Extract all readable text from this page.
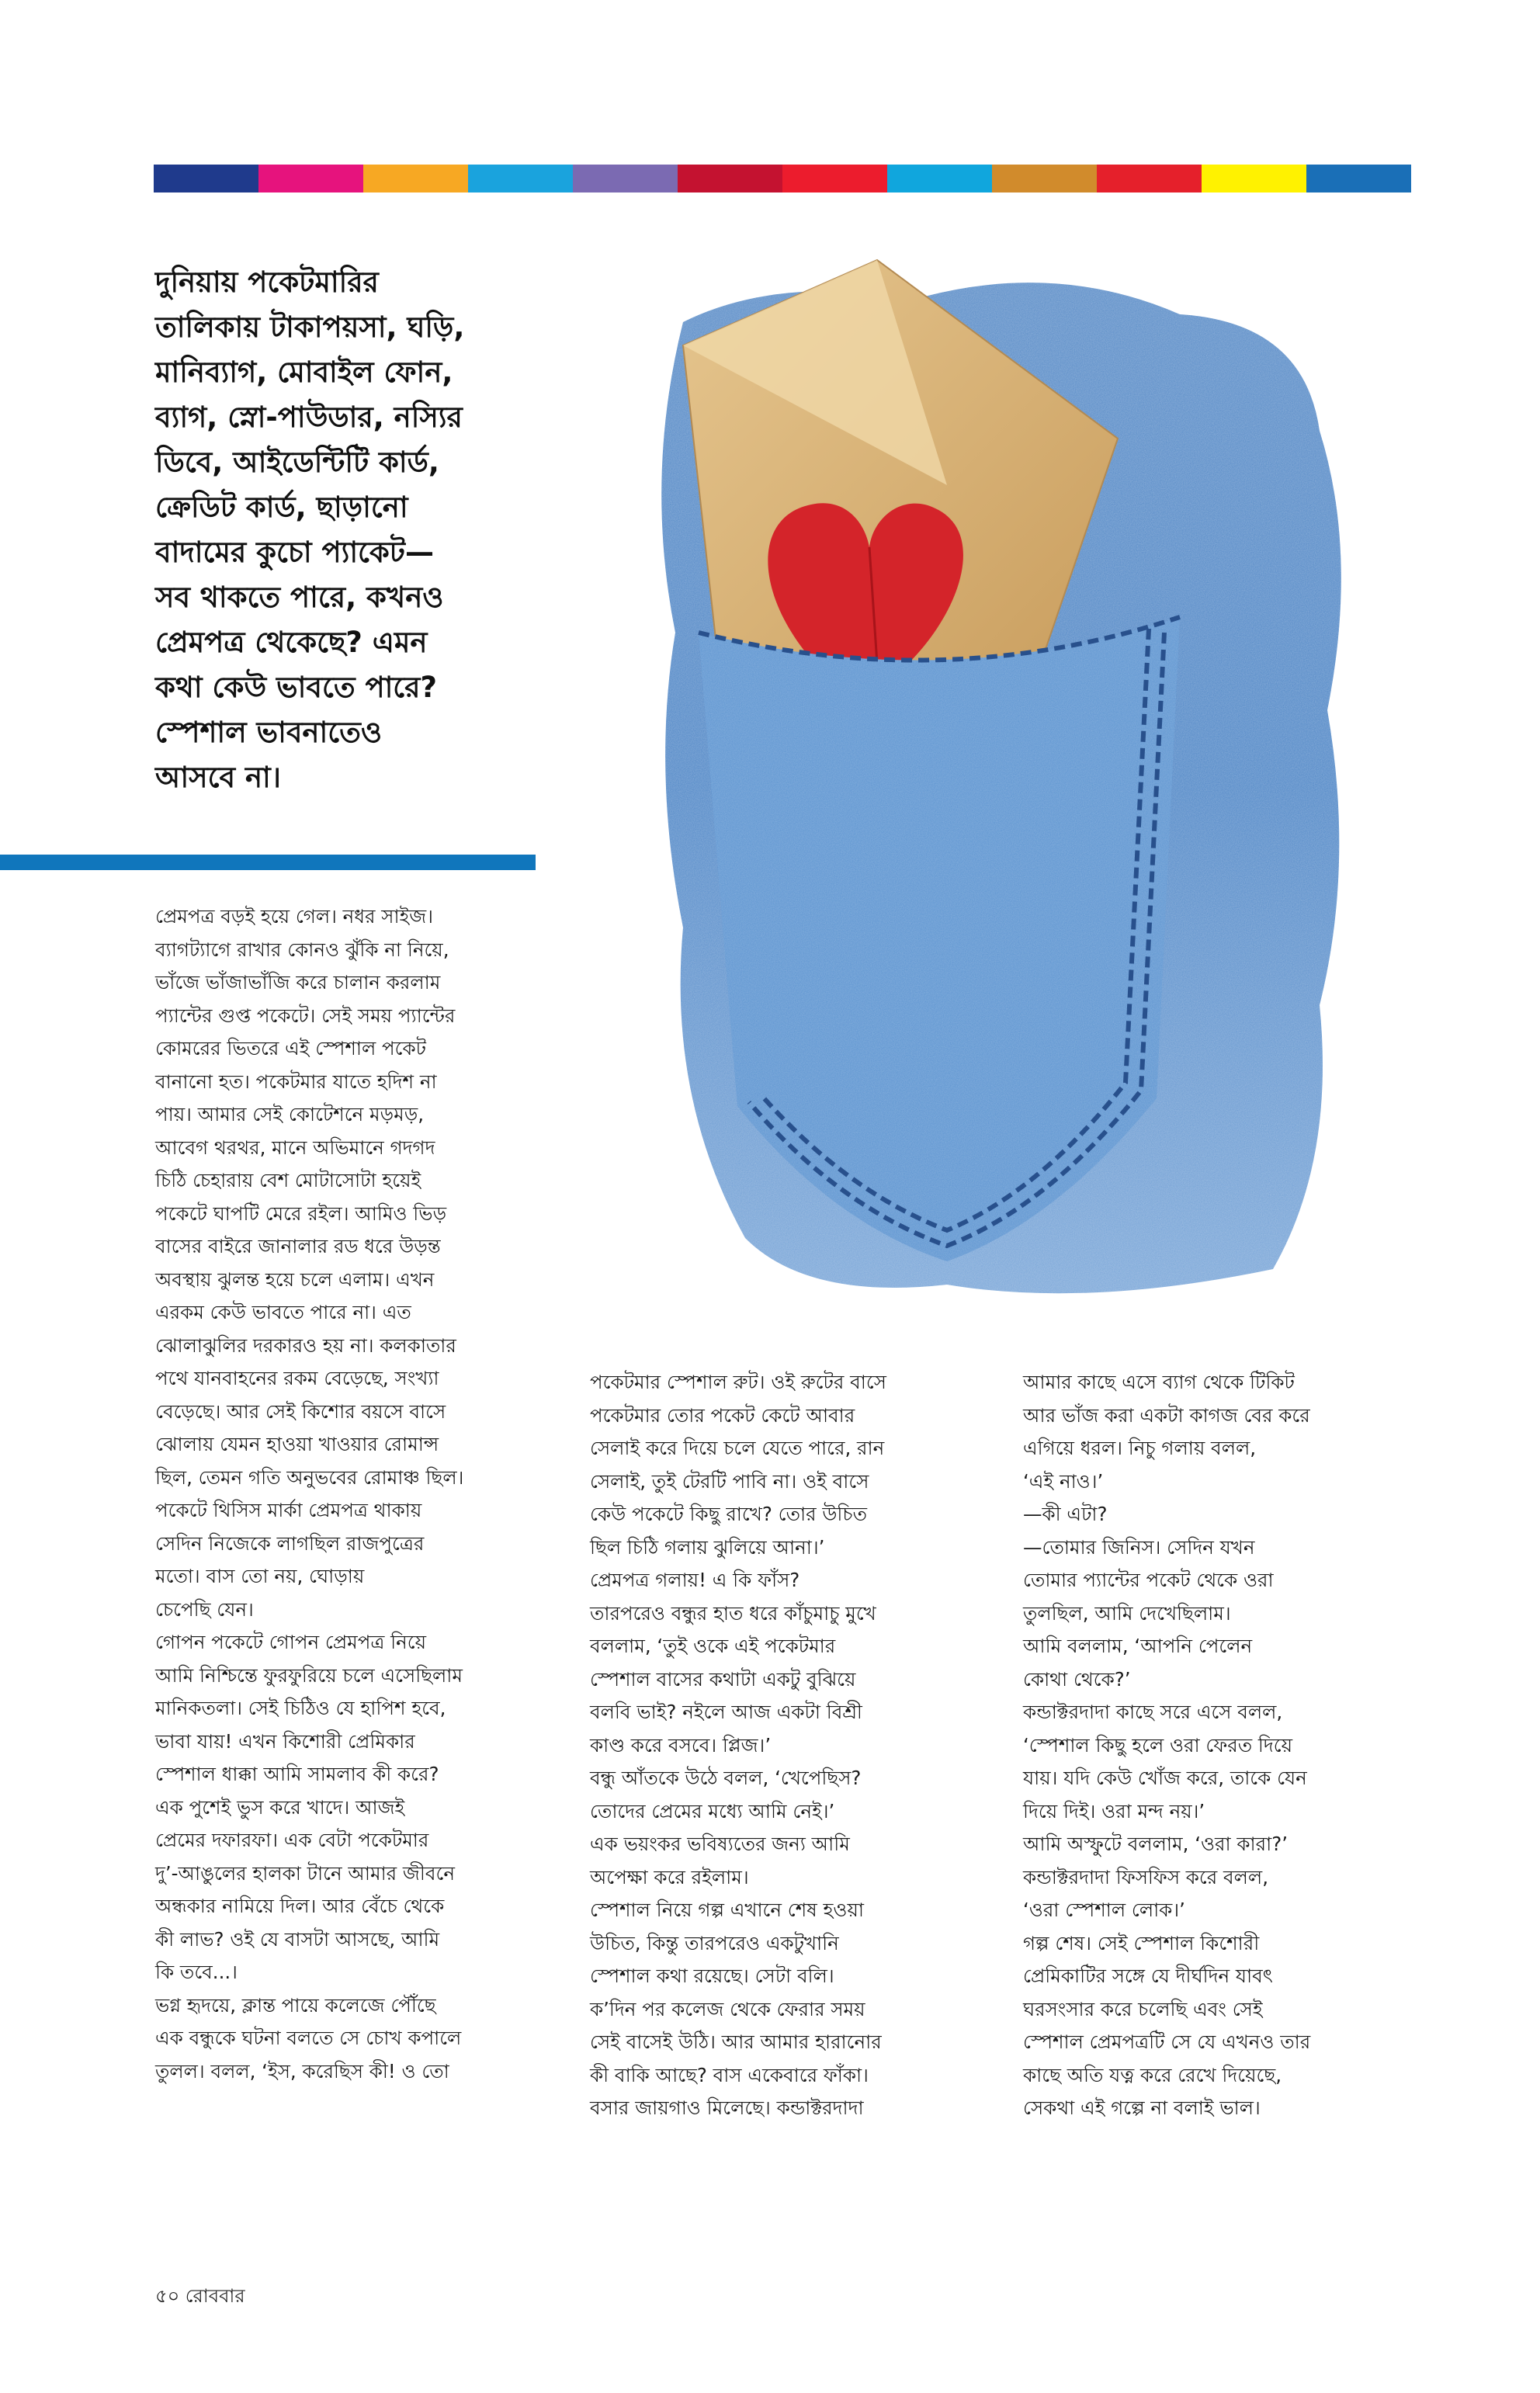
দুনিয়ায় পকেটমারির
তালিকায় টাকাপয়সা, ঘড়ি,
মানিব্যাগ, মোবাইল ফোন,
ব্যাগ, স্নো-পাউডার, নস্যির
ডিবে, আইডেন্টিটি কার্ড,
ক্রেডিট কার্ড, ছাড়ানো
বাদামের কুচো প্যাকেট—
সব থাকতে পারে, কখনও
প্রেমপত্র থেকেছে? এমন
কথা কেউ ভাবতে পারে?
স্পেশাল ভাবনাতেও
আসবে না।

প্রেমপত্র বড়ই হয়ে গেল। নধর সাইজ।
ব্যাগট্যাগে রাখার কোনও ঝুঁকি না নিয়ে,
ভাঁজে ভাঁজাভাঁজি করে চালান করলাম
প্যান্টের গুপ্ত পকেটে। সেই সময় প্যান্টের
কোমরের ভিতরে এই স্পেশাল পকেট
বানানো হত। পকেটমার যাতে হদিশ না
পায়। আমার সেই কোটেশনে মড়মড়,
আবেগ থরথর, মানে অভিমানে গদগদ
চিঠি চেহারায় বেশ মোটাসোটা হয়েই
পকেটে ঘাপটি মেরে রইল। আমিও ভিড়
বাসের বাইরে জানালার রড ধরে উড়ন্ত
অবস্থায় ঝুলন্ত হয়ে চলে এলাম। এখন
এরকম কেউ ভাবতে পারে না। এত
ঝোলাঝুলির দরকারও হয় না। কলকাতার
পথে যানবাহনের রকম বেড়েছে, সংখ্যা
বেড়েছে। আর সেই কিশোর বয়সে বাসে
ঝোলায় যেমন হাওয়া খাওয়ার রোমান্স
ছিল, তেমন গতি অনুভবের রোমাঞ্চ ছিল।
পকেটে থিসিস মার্কা প্রেমপত্র থাকায়
সেদিন নিজেকে লাগছিল রাজপুত্রের
মতো। বাস তো নয়, ঘোড়ায়
চেপেছি যেন।
গোপন পকেটে গোপন প্রেমপত্র নিয়ে
আমি নিশ্চিন্তে ফুরফুরিয়ে চলে এসেছিলাম
মানিকতলা। সেই চিঠিও যে হাপিশ হবে,
ভাবা যায়! এখন কিশোরী প্রেমিকার
স্পেশাল ধাক্কা আমি সামলাব কী করে?
এক পুশেই ভুস করে খাদে। আজই
প্রেমের দফারফা। এক বেটা পকেটমার
দু’-আঙুলের হালকা টানে আমার জীবনে
অন্ধকার নামিয়ে দিল। আর বেঁচে থেকে
কী লাভ? ওই যে বাসটা আসছে, আমি
কি তবে...।
ভগ্ন হৃদয়ে, ক্লান্ত পায়ে কলেজে পৌঁছে
এক বন্ধুকে ঘটনা বলতে সে চোখ কপালে
তুলল। বলল, ‘ইস, করেছিস কী! ও তো

পকেটমার স্পেশাল রুট। ওই রুটের বাসে
পকেটমার তোর পকেট কেটে আবার
সেলাই করে দিয়ে চলে যেতে পারে, রান
সেলাই, তুই টেরটি পাবি না। ওই বাসে
কেউ পকেটে কিছু রাখে? তোর উচিত
ছিল চিঠি গলায় ঝুলিয়ে আনা।’
প্রেমপত্র গলায়! এ কি ফাঁস?
তারপরেও বন্ধুর হাত ধরে কাঁচুমাচু মুখে
বললাম, ‘তুই ওকে এই পকেটমার
স্পেশাল বাসের কথাটা একটু বুঝিয়ে
বলবি ভাই? নইলে আজ একটা বিশ্রী
কাণ্ড করে বসবে। প্লিজ।’
বন্ধু আঁতকে উঠে বলল, ‘খেপেছিস?
তোদের প্রেমের মধ্যে আমি নেই।’
এক ভয়ংকর ভবিষ্যতের জন্য আমি
অপেক্ষা করে রইলাম।
স্পেশাল নিয়ে গল্প এখানে শেষ হওয়া
উচিত, কিন্তু তারপরেও একটুখানি
স্পেশাল কথা রয়েছে। সেটা বলি।
ক’দিন পর কলেজ থেকে ফেরার সময়
সেই বাসেই উঠি। আর আমার হারানোর
কী বাকি আছে? বাস একেবারে ফাঁকা।
বসার জায়গাও মিলেছে। কন্ডাক্টরদাদা

আমার কাছে এসে ব্যাগ থেকে টিকিট
আর ভাঁজ করা একটা কাগজ বের করে
এগিয়ে ধরল। নিচু গলায় বলল,
‘এই নাও।’
—কী এটা?
—তোমার জিনিস। সেদিন যখন
তোমার প্যান্টের পকেট থেকে ওরা
তুলছিল, আমি দেখেছিলাম।
আমি বললাম, ‘আপনি পেলেন
কোথা থেকে?’
কন্ডাক্টরদাদা কাছে সরে এসে বলল,
‘স্পেশাল কিছু হলে ওরা ফেরত দিয়ে
যায়। যদি কেউ খোঁজ করে, তাকে যেন
দিয়ে দিই। ওরা মন্দ নয়।’
আমি অস্ফুটে বললাম, ‘ওরা কারা?’
কন্ডাক্টরদাদা ফিসফিস করে বলল,
‘ওরা স্পেশাল লোক।’
গল্প শেষ। সেই স্পেশাল কিশোরী
প্রেমিকাটির সঙ্গে যে দীর্ঘদিন যাবৎ
ঘরসংসার করে চলেছি এবং সেই
স্পেশাল প্রেমপত্রটি সে যে এখনও তার
কাছে অতি যত্ন করে রেখে দিয়েছে,
সেকথা এই গল্পে না বলাই ভাল।

৫০ রোববার
